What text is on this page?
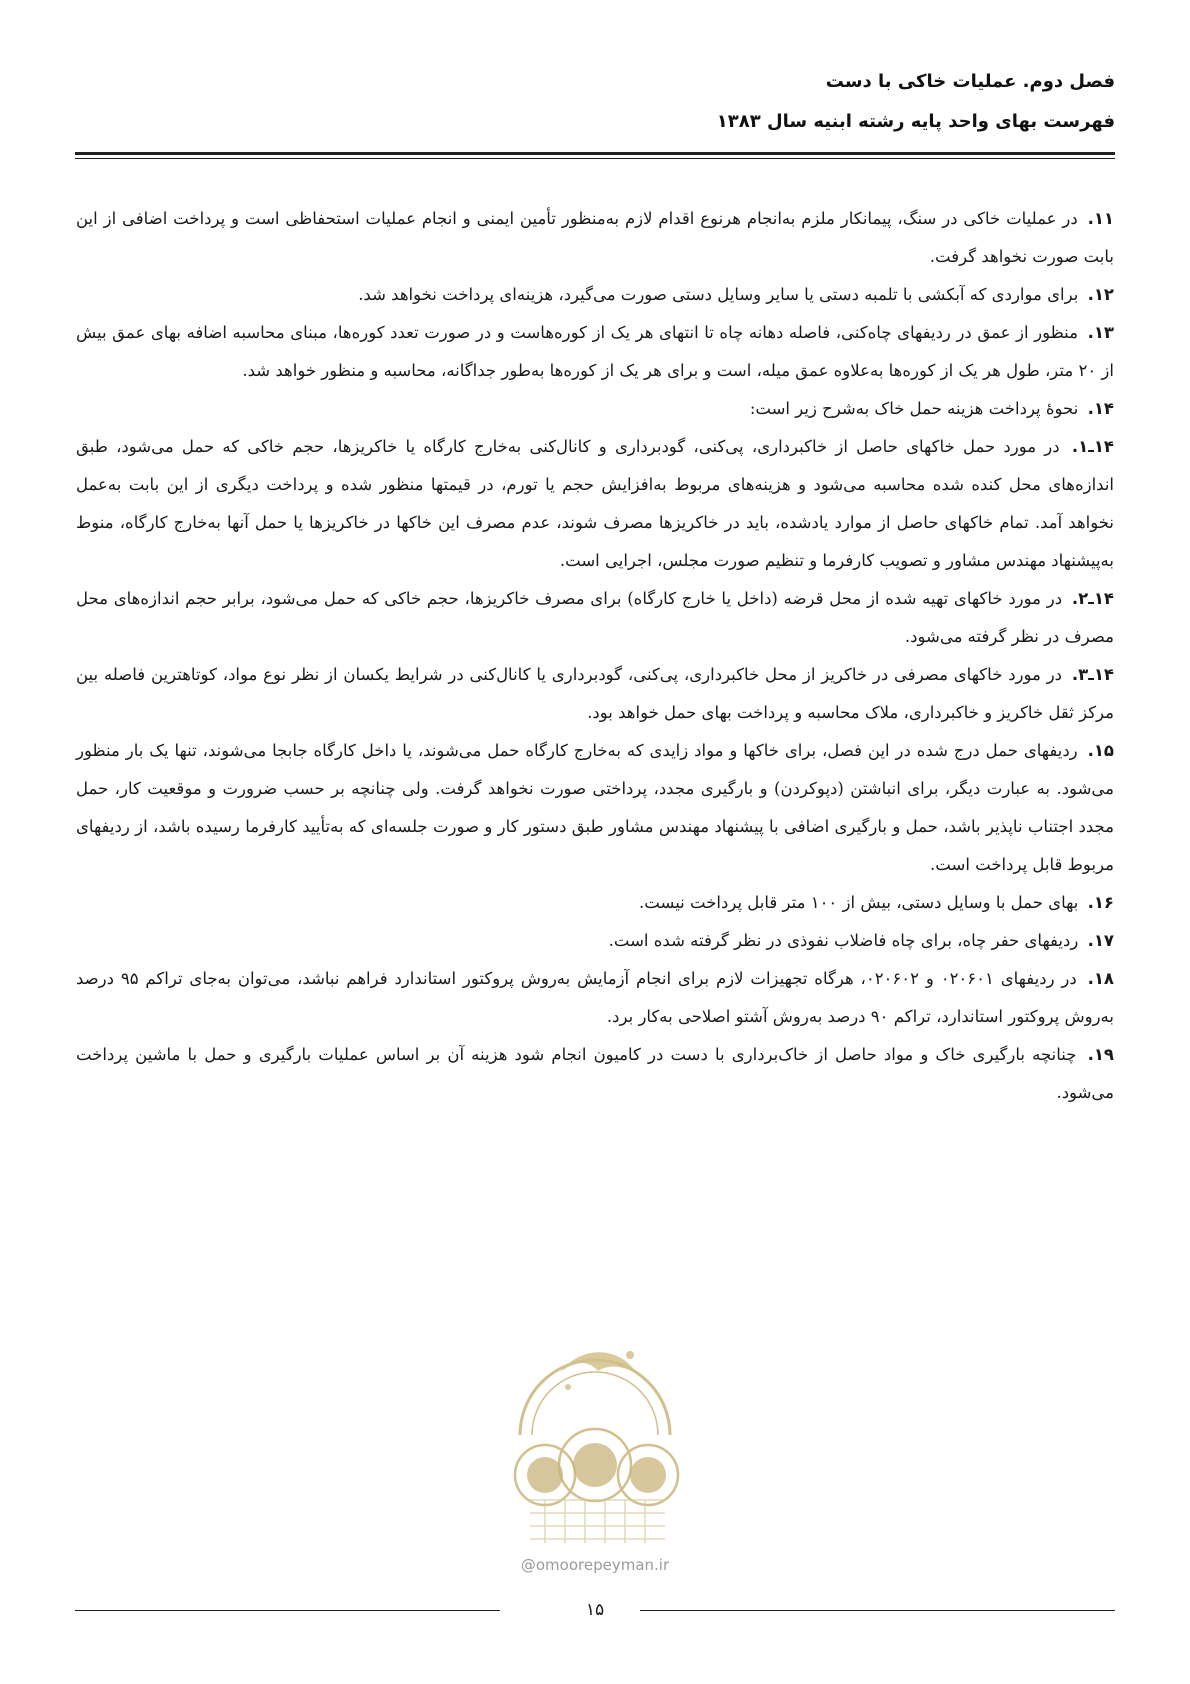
فصل دوم. عملیات خاکی با دست
فهرست بهای واحد پایه رشته ابنیه سال ۱۳۸۳

۱۱. در عملیات خاکی در سنگ، پیمانکار ملزم به‌انجام هرنوع اقدام لازم به‌منظور تأمین ایمنی و انجام عملیات استحفاظی است و پرداخت اضافی از این بابت صورت نخواهد گرفت.

۱۲. برای مواردی که آبکشی با تلمبه دستی یا سایر وسایل دستی صورت می‌گیرد، هزینه‌ای پرداخت نخواهد شد.

۱۳. منظور از عمق در ردیفهای چاه‌کنی، فاصله دهانه چاه تا انتهای هر یک از کوره‌هاست و در صورت تعدد کوره‌ها، مبنای محاسبه اضافه بهای عمق بیش از ۲۰ متر، طول هر یک از کوره‌ها به‌علاوه عمق میله، است و برای هر یک از کوره‌ها به‌طور جداگانه، محاسبه و منظور خواهد شد.

۱۴. نحوهٔ پرداخت هزینه حمل خاک به‌شرح زیر است:

۱۴ـ۱. در مورد حمل خاکهای حاصل از خاکبرداری، پی‌کنی، گودبرداری و کانال‌کنی به‌خارج کارگاه یا خاکریزها، حجم خاکی که حمل می‌شود، طبق اندازه‌های محل کنده شده محاسبه می‌شود و هزینه‌های مربوط به‌افزایش حجم یا تورم، در قیمتها منظور شده و پرداخت دیگری از این بابت به‌عمل نخواهد آمد. تمام خاکهای حاصل از موارد یادشده، باید در خاکریزها مصرف شوند، عدم مصرف این خاکها در خاکریزها یا حمل آنها به‌خارج کارگاه، منوط به‌پیشنهاد مهندس مشاور و تصویب کارفرما و تنظیم صورت مجلس، اجرایی است.

۱۴ـ۲. در مورد خاکهای تهیه شده از محل قرضه (داخل یا خارج کارگاه) برای مصرف خاکریزها، حجم خاکی که حمل می‌شود، برابر حجم اندازه‌های محل مصرف در نظر گرفته می‌شود.

۱۴ـ۳. در مورد خاکهای مصرفی در خاکریز از محل خاکبرداری، پی‌کنی، گودبرداری یا کانال‌کنی در شرایط یکسان از نظر نوع مواد، کوتاهترین فاصله بین مرکز ثقل خاکریز و خاکبرداری، ملاک محاسبه و پرداخت بهای حمل خواهد بود.

۱۵. ردیفهای حمل درج شده در این فصل، برای خاکها و مواد زایدی که به‌خارج کارگاه حمل می‌شوند، یا داخل کارگاه جابجا می‌شوند، تنها یک بار منظور می‌شود. به عبارت دیگر، برای انباشتن (دپوکردن) و بارگیری مجدد، پرداختی صورت نخواهد گرفت. ولی چنانچه بر حسب ضرورت و موقعیت کار، حمل مجدد اجتناب ناپذیر باشد، حمل و بارگیری اضافی با پیشنهاد مهندس مشاور طبق دستور کار و صورت جلسه‌ای که به‌تأیید کارفرما رسیده باشد، از ردیفهای مربوط قابل پرداخت است.

۱۶. بهای حمل با وسایل دستی، بیش از ۱۰۰ متر قابل پرداخت نیست.

۱۷. ردیفهای حفر چاه، برای چاه فاضلاب نفوذی در نظر گرفته شده است.

۱۸. در ردیفهای ۰۲۰۶۰۱ و ۰۲۰۶۰۲، هرگاه تجهیزات لازم برای انجام آزمایش به‌روش پروکتور استاندارد فراهم نباشد، می‌توان به‌جای تراکم ۹۵ درصد به‌روش پروکتور استاندارد، تراکم ۹۰ درصد به‌روش آشتو اصلاحی به‌کار برد.

۱۹. چنانچه بارگیری خاک و مواد حاصل از خاک‌برداری با دست در کامیون انجام شود هزینه آن بر اساس عملیات بارگیری و حمل با ماشین پرداخت می‌شود.

@omoorepeyman.ir
۱۵
